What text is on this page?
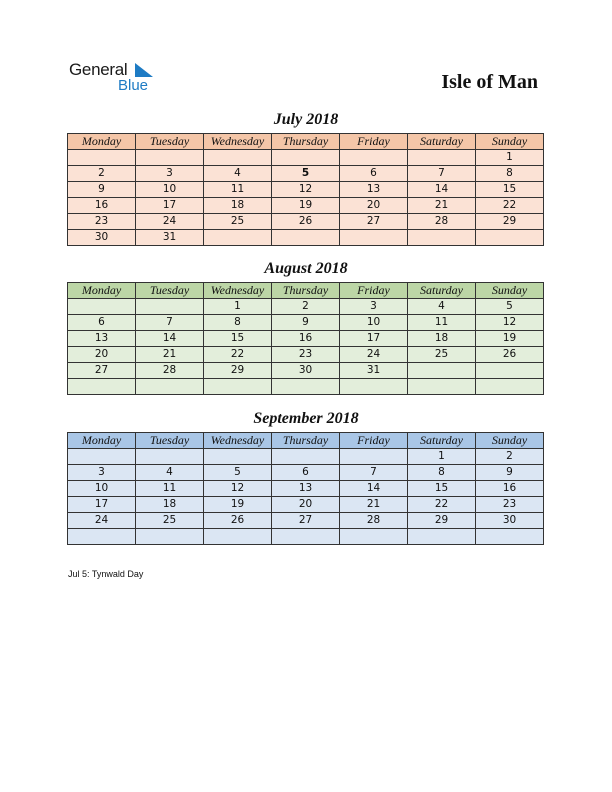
General
Blue	Isle of Man
July 2018
Monday	Tuesday	Wednesday	Thursday	Friday	Saturday	Sunday
						1
2	3	4	5	6	7	8
9	10	11	12	13	14	15
16	17	18	19	20	21	22
23	24	25	26	27	28	29
30	31					
August 2018
Monday	Tuesday	Wednesday	Thursday	Friday	Saturday	Sunday
		1	2	3	4	5
6	7	8	9	10	11	12
13	14	15	16	17	18	19
20	21	22	23	24	25	26
27	28	29	30	31		

September 2018
Monday	Tuesday	Wednesday	Thursday	Friday	Saturday	Sunday
					1	2
3	4	5	6	7	8	9
10	11	12	13	14	15	16
17	18	19	20	21	22	23
24	25	26	27	28	29	30

Jul 5: Tynwald Day
